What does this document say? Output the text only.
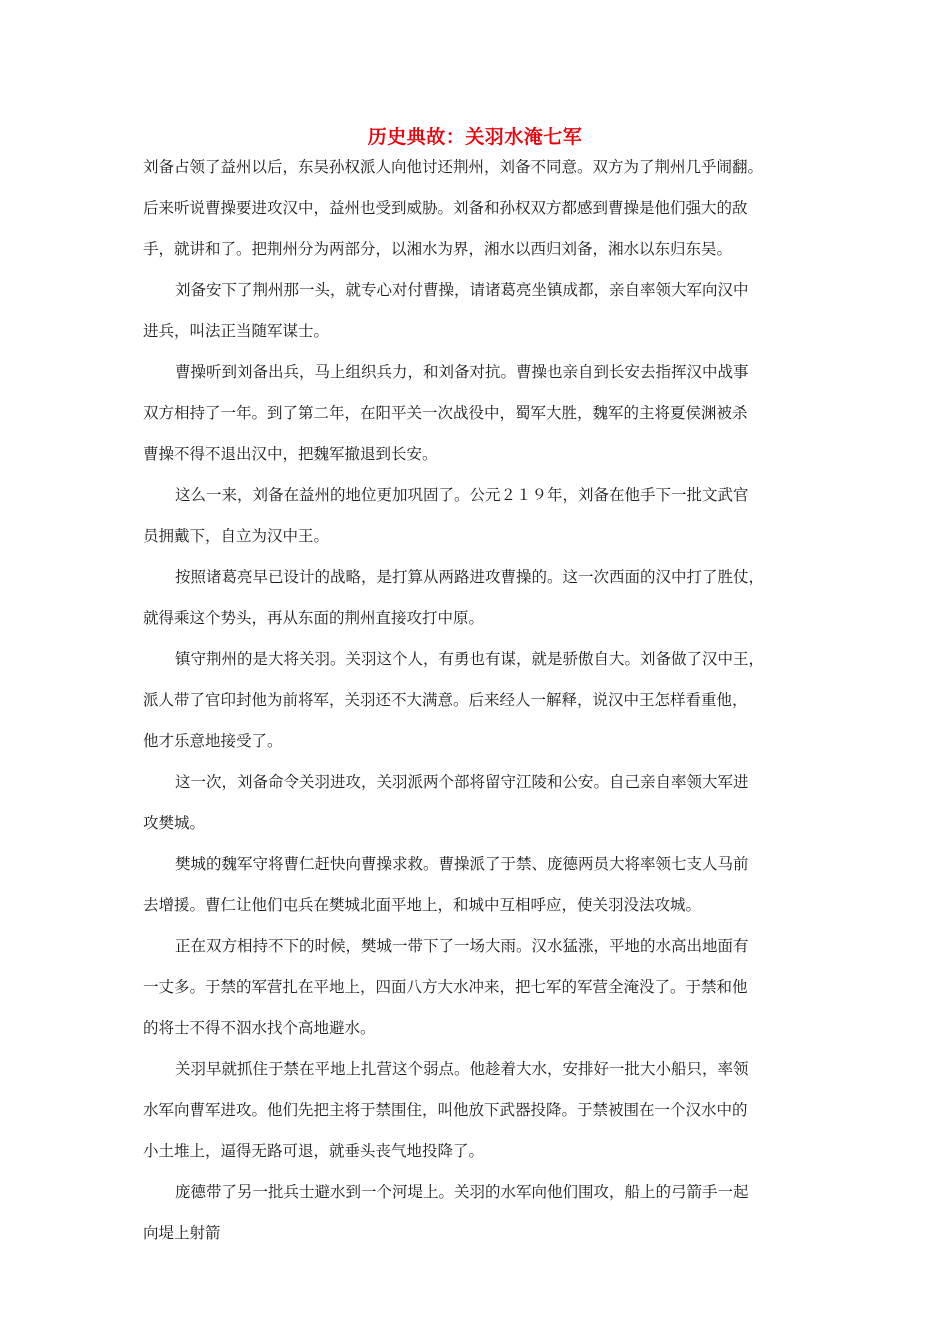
历史典故：关羽水淹七军
刘备占领了益州以后，东吴孙权派人向他讨还荆州，刘备不同意。双方为了荆州几乎闹翻。
后来听说曹操要进攻汉中，益州也受到威胁。刘备和孙权双方都感到曹操是他们强大的敌
手，就讲和了。把荆州分为两部分，以湘水为界，湘水以西归刘备，湘水以东归东吴。
刘备安下了荆州那一头，就专心对付曹操，请诸葛亮坐镇成都，亲自率领大军向汉中
进兵，叫法正当随军谋士。
曹操听到刘备出兵，马上组织兵力，和刘备对抗。曹操也亲自到长安去指挥汉中战事
双方相持了一年。到了第二年，在阳平关一次战役中，蜀军大胜，魏军的主将夏侯渊被杀
曹操不得不退出汉中，把魏军撤退到长安。
这么一来，刘备在益州的地位更加巩固了。公元２１９年，刘备在他手下一批文武官
员拥戴下，自立为汉中王。
按照诸葛亮早已设计的战略，是打算从两路进攻曹操的。这一次西面的汉中打了胜仗，
就得乘这个势头，再从东面的荆州直接攻打中原。
镇守荆州的是大将关羽。关羽这个人，有勇也有谋，就是骄傲自大。刘备做了汉中王，
派人带了官印封他为前将军，关羽还不大满意。后来经人一解释，说汉中王怎样看重他，
他才乐意地接受了。
这一次，刘备命令关羽进攻，关羽派两个部将留守江陵和公安。自己亲自率领大军进
攻樊城。
樊城的魏军守将曹仁赶快向曹操求救。曹操派了于禁、庞德两员大将率领七支人马前
去增援。曹仁让他们屯兵在樊城北面平地上，和城中互相呼应，使关羽没法攻城。
正在双方相持不下的时候，樊城一带下了一场大雨。汉水猛涨，平地的水高出地面有
一丈多。于禁的军营扎在平地上，四面八方大水冲来，把七军的军营全淹没了。于禁和他
的将士不得不泅水找个高地避水。
关羽早就抓住于禁在平地上扎营这个弱点。他趁着大水，安排好一批大小船只，率领
水军向曹军进攻。他们先把主将于禁围住，叫他放下武器投降。于禁被围在一个汉水中的
小土堆上，逼得无路可退，就垂头丧气地投降了。
庞德带了另一批兵士避水到一个河堤上。关羽的水军向他们围攻，船上的弓箭手一起
向堤上射箭
